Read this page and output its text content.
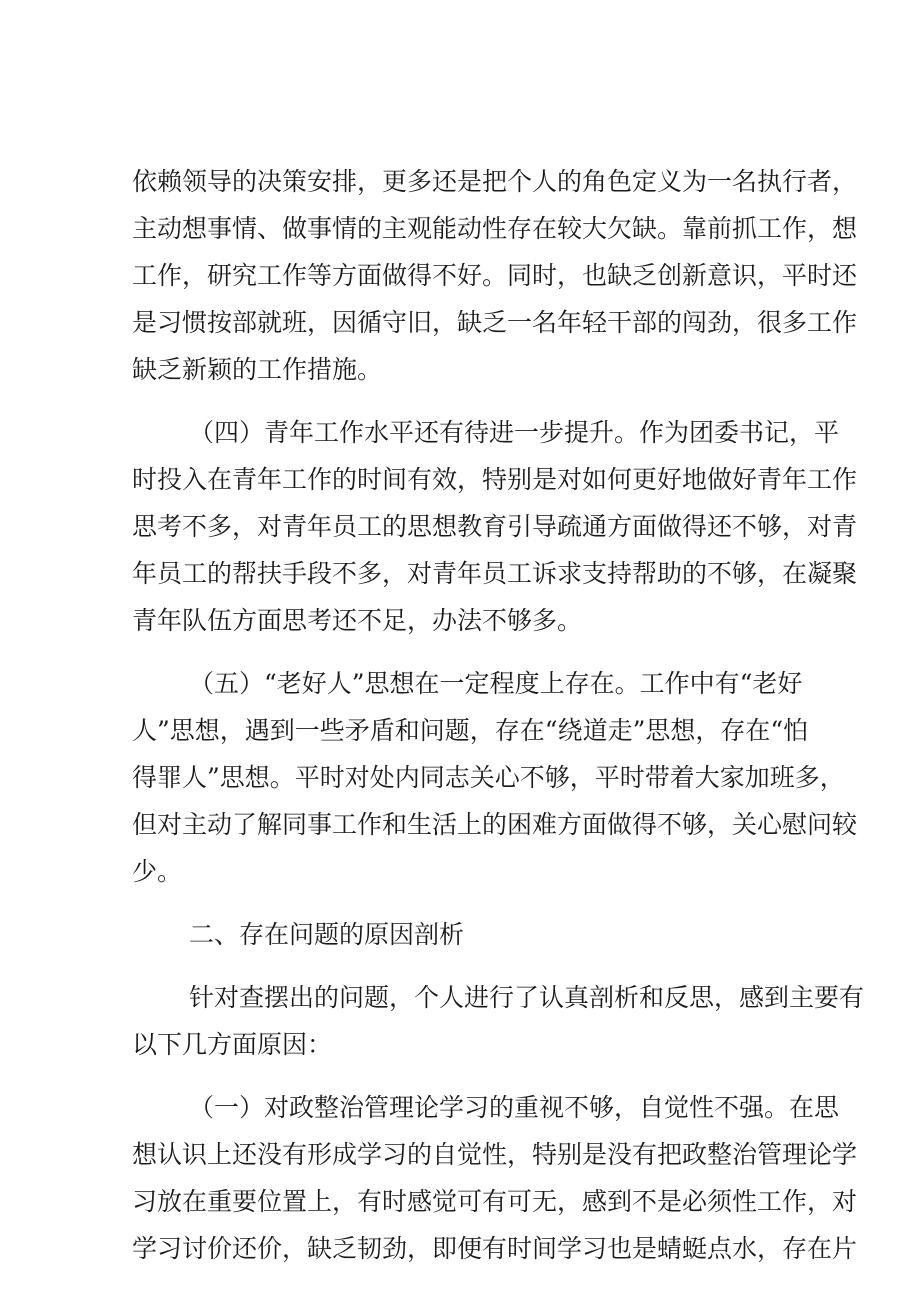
依赖领导的决策安排，更多还是把个人的角色定义为一名执行者，
主动想事情、做事情的主观能动性存在较大欠缺。靠前抓工作，想
工作，研究工作等方面做得不好。同时，也缺乏创新意识，平时还
是习惯按部就班，因循守旧，缺乏一名年轻干部的闯劲，很多工作
缺乏新颖的工作措施。
（四）青年工作水平还有待进一步提升。作为团委书记，平
时投入在青年工作的时间有效，特别是对如何更好地做好青年工作
思考不多，对青年员工的思想教育引导疏通方面做得还不够，对青
年员工的帮扶手段不多，对青年员工诉求支持帮助的不够，在凝聚
青年队伍方面思考还不足，办法不够多。
（五）“老好人”思想在一定程度上存在。工作中有“老好
人”思想，遇到一些矛盾和问题，存在“绕道走”思想，存在“怕
得罪人”思想。平时对处内同志关心不够，平时带着大家加班多，
但对主动了解同事工作和生活上的困难方面做得不够，关心慰问较
少。
二、存在问题的原因剖析
针对查摆出的问题，个人进行了认真剖析和反思，感到主要有
以下几方面原因：
（一）对政整治管理论学习的重视不够，自觉性不强。在思
想认识上还没有形成学习的自觉性，特别是没有把政整治管理论学
习放在重要位置上，有时感觉可有可无，感到不是必须性工作，对
学习讨价还价，缺乏韧劲，即便有时间学习也是蜻蜓点水，存在片
